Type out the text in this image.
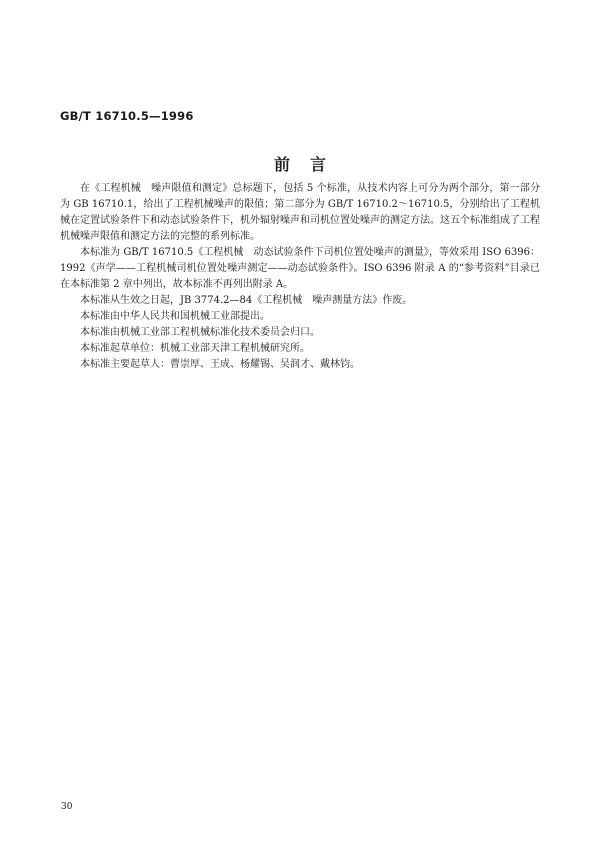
GB/T 16710.5—1996
前言

在《工程机械　噪声限值和测定》总标题下，包括 5 个标准，从技术内容上可分为两个部分，第一部分为 GB 16710.1，给出了工程机械噪声的限值；第二部分为 GB/T 16710.2～16710.5，分别给出了工程机械在定置试验条件下和动态试验条件下，机外辐射噪声和司机位置处噪声的测定方法。这五个标准组成了工程机械噪声限值和测定方法的完整的系列标准。

本标准为 GB/T 16710.5《工程机械　动态试验条件下司机位置处噪声的测量》，等效采用 ISO 6396：1992《声学——工程机械司机位置处噪声测定——动态试验条件》。ISO 6396 附录 A 的“参考资料”目录已在本标准第 2 章中列出，故本标准不再列出附录 A。

本标准从生效之日起，JB 3774.2—84《工程机械　噪声测量方法》作废。

本标准由中华人民共和国机械工业部提出。

本标准由机械工业部工程机械标准化技术委员会归口。

本标准起草单位：机械工业部天津工程机械研究所。

本标准主要起草人：曹崇厚、王成、杨耀锡、吴润才、戴林钧。

30
